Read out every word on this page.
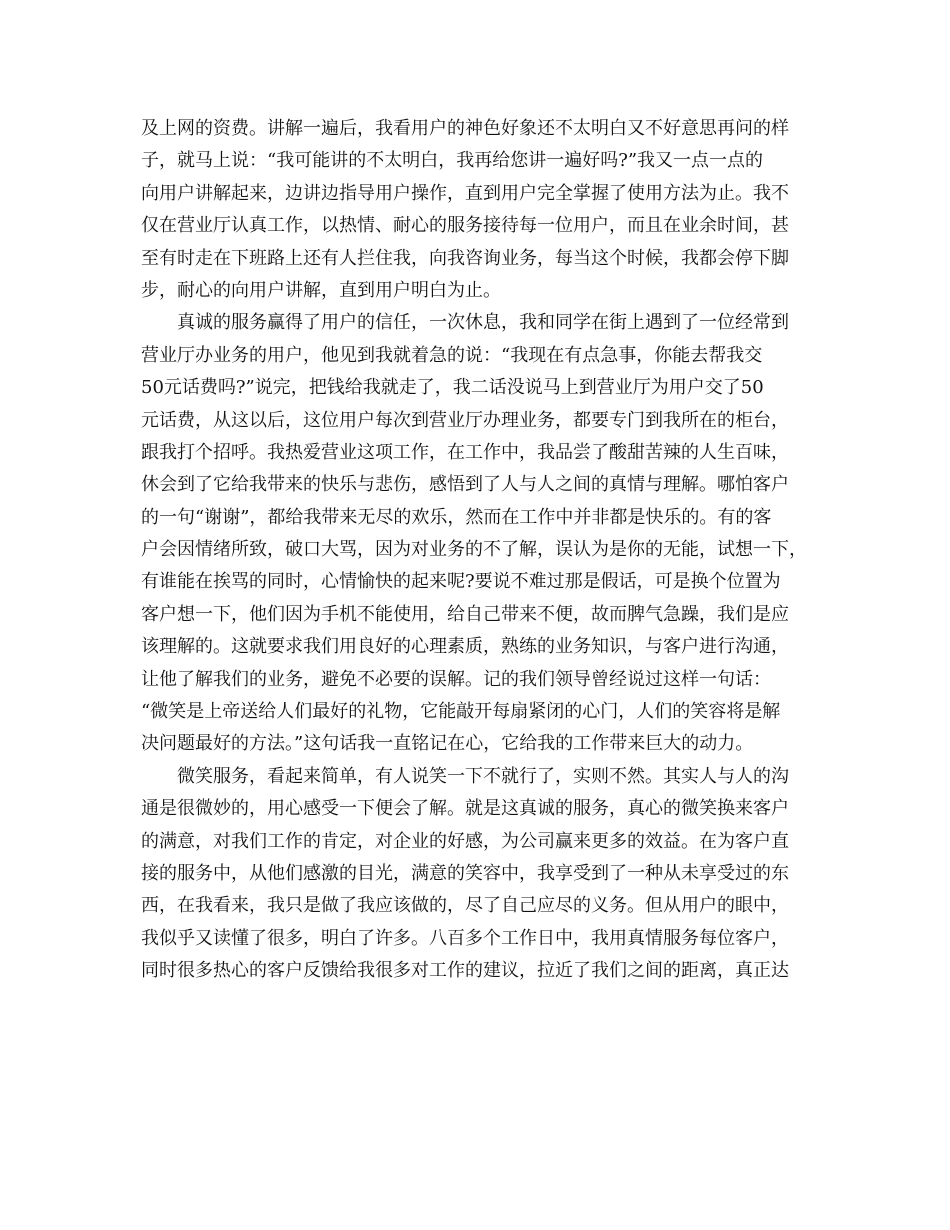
及上网的资费。讲解一遍后，我看用户的神色好象还不太明白又不好意思再问的样

子，就马上说：“我可能讲的不太明白，我再给您讲一遍好吗?”我又一点一点的

向用户讲解起来，边讲边指导用户操作，直到用户完全掌握了使用方法为止。我不

仅在营业厅认真工作，以热情、耐心的服务接待每一位用户，而且在业余时间，甚

至有时走在下班路上还有人拦住我，向我咨询业务，每当这个时候，我都会停下脚

步，耐心的向用户讲解，直到用户明白为止。

真诚的服务赢得了用户的信任，一次休息，我和同学在街上遇到了一位经常到

营业厅办业务的用户，他见到我就着急的说：“我现在有点急事，你能去帮我交

50元话费吗?”说完，把钱给我就走了，我二话没说马上到营业厅为用户交了50

元话费，从这以后，这位用户每次到营业厅办理业务，都要专门到我所在的柜台，

跟我打个招呼。我热爱营业这项工作，在工作中，我品尝了酸甜苦辣的人生百味，

休会到了它给我带来的快乐与悲伤，感悟到了人与人之间的真情与理解。哪怕客户

的一句“谢谢”，都给我带来无尽的欢乐，然而在工作中并非都是快乐的。有的客

户会因情绪所致，破口大骂，因为对业务的不了解，误认为是你的无能，试想一下，

有谁能在挨骂的同时，心情愉快的起来呢?要说不难过那是假话，可是换个位置为

客户想一下，他们因为手机不能使用，给自己带来不便，故而脾气急躁，我们是应

该理解的。这就要求我们用良好的心理素质，熟练的业务知识，与客户进行沟通，

让他了解我们的业务，避免不必要的误解。记的我们领导曾经说过这样一句话：

“微笑是上帝送给人们最好的礼物，它能敲开每扇紧闭的心门，人们的笑容将是解

决问题最好的方法。”这句话我一直铭记在心，它给我的工作带来巨大的动力。

微笑服务，看起来简单，有人说笑一下不就行了，实则不然。其实人与人的沟

通是很微妙的，用心感受一下便会了解。就是这真诚的服务，真心的微笑换来客户

的满意，对我们工作的肯定，对企业的好感，为公司赢来更多的效益。在为客户直

接的服务中，从他们感激的目光，满意的笑容中，我享受到了一种从未享受过的东

西，在我看来，我只是做了我应该做的，尽了自己应尽的义务。但从用户的眼中，

我似乎又读懂了很多，明白了许多。八百多个工作日中，我用真情服务每位客户，

同时很多热心的客户反馈给我很多对工作的建议，拉近了我们之间的距离，真正达
